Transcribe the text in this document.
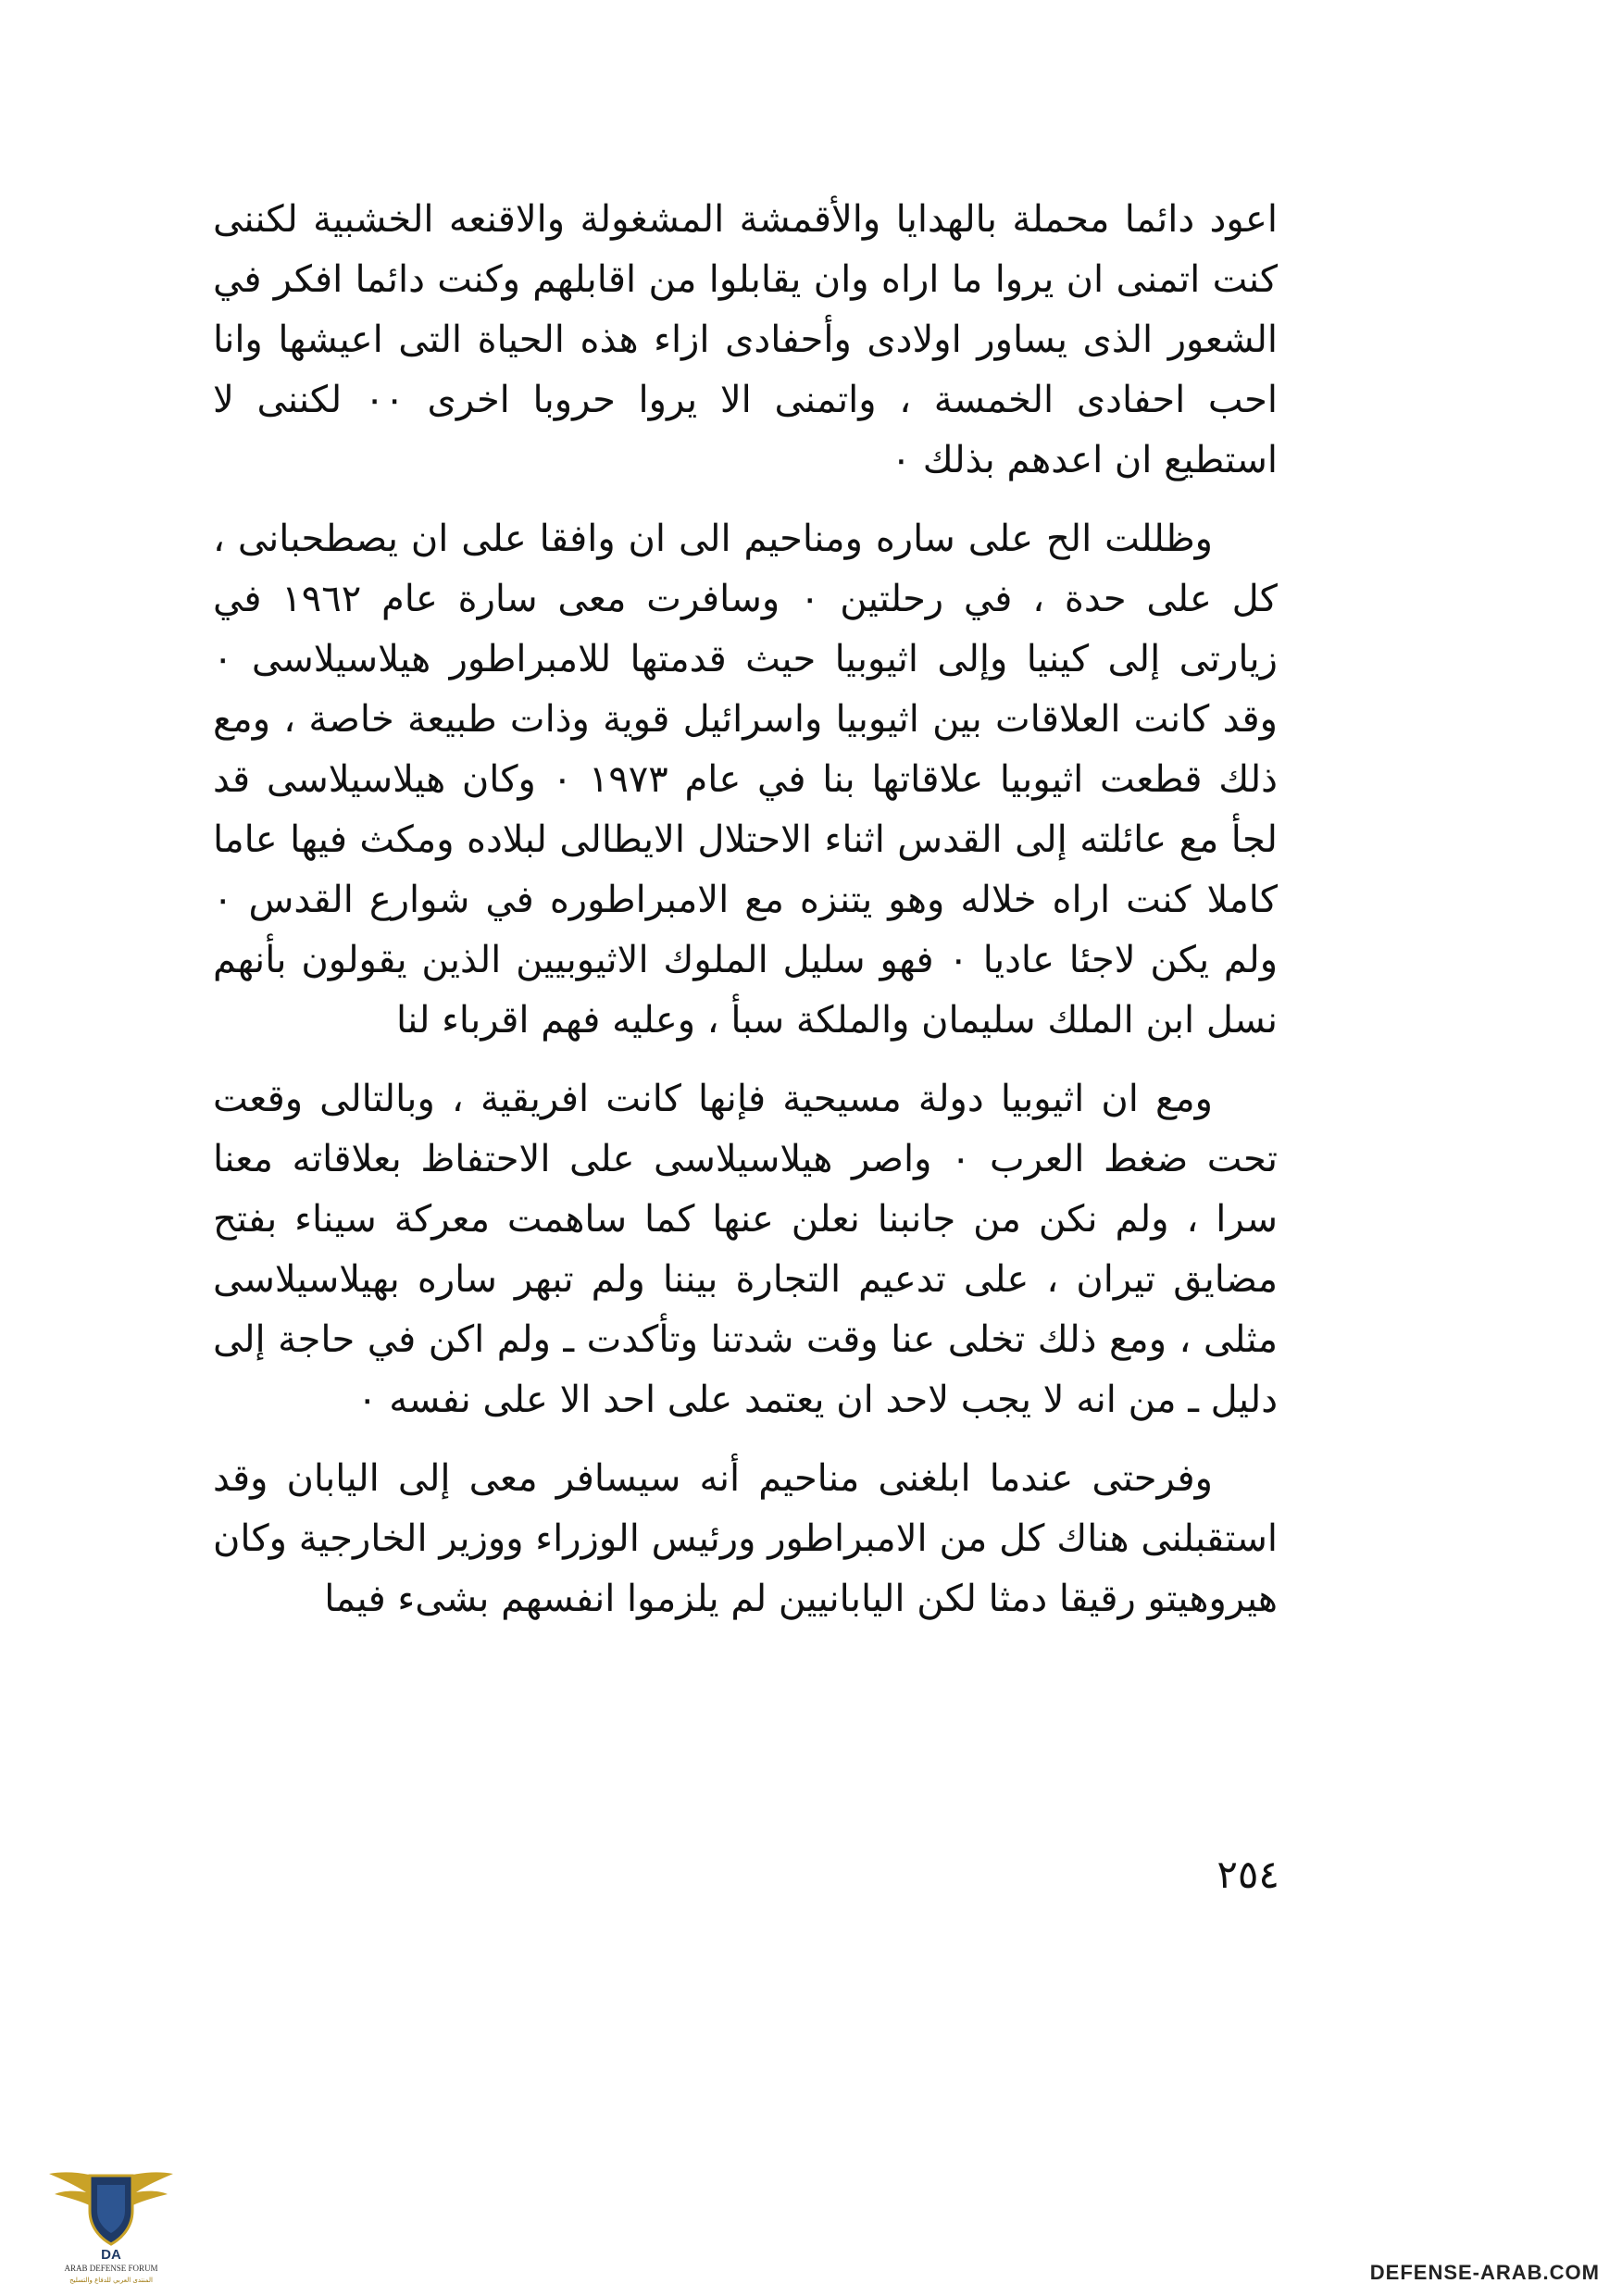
اعود دائما محملة بالهدايا والأقمشة المشغولة والاقنعه الخشبية لكننى كنت اتمنى ان يروا ما اراه وان يقابلوا من اقابلهم وكنت دائما افكر في الشعور الذى يساور اولادى وأحفادى ازاء هذه الحياة التى اعيشها وانا احب احفادى الخمسة ، واتمنى الا يروا حروبا اخرى ٠٠ لكننى لا استطيع ان اعدهم بذلك ٠

وظللت الح على ساره ومناحيم الى ان وافقا على ان يصطحبانى ، كل على حدة ، في رحلتين ٠ وسافرت معى سارة عام ١٩٦٢ في زيارتى إلى كينيا وإلى اثيوبيا حيث قدمتها للامبراطور هيلاسيلاسى ٠ وقد كانت العلاقات بين اثيوبيا واسرائيل قوية وذات طبيعة خاصة ، ومع ذلك قطعت اثيوبيا علاقاتها بنا في عام ١٩٧٣ ٠ وكان هيلاسيلاسى قد لجأ مع عائلته إلى القدس اثناء الاحتلال الايطالى لبلاده ومكث فيها عاما كاملا كنت اراه خلاله وهو يتنزه مع الامبراطوره في شوارع القدس ٠ ولم يكن لاجئا عاديا ٠ فهو سليل الملوك الاثيوبيين الذين يقولون بأنهم نسل ابن الملك سليمان والملكة سبأ ، وعليه فهم اقرباء لنا

ومع ان اثيوبيا دولة مسيحية فإنها كانت افريقية ، وبالتالى وقعت تحت ضغط العرب ٠ واصر هيلاسيلاسى على الاحتفاظ بعلاقاته معنا سرا ، ولم نكن من جانبنا نعلن عنها كما ساهمت معركة سيناء بفتح مضايق تيران ، على تدعيم التجارة بيننا ولم تبهر ساره بهيلاسيلاسى مثلى ، ومع ذلك تخلى عنا وقت شدتنا وتأكدت ـ ولم اكن في حاجة إلى دليل ـ من انه لا يجب لاحد ان يعتمد على احد الا على نفسه ٠

وفرحتى عندما ابلغنى مناحيم أنه سيسافر معى إلى اليابان وقد استقبلنى هناك كل من الامبراطور ورئيس الوزراء ووزير الخارجية وكان هيروهيتو رقيقا دمثا لكن اليابانيين لم يلزموا انفسهم بشىء فيما

٢٥٤
DA
ARAB DEFENSE FORUM
المنتدى العربي للدفاع والتسليح	DEFENSE-ARAB.COM
